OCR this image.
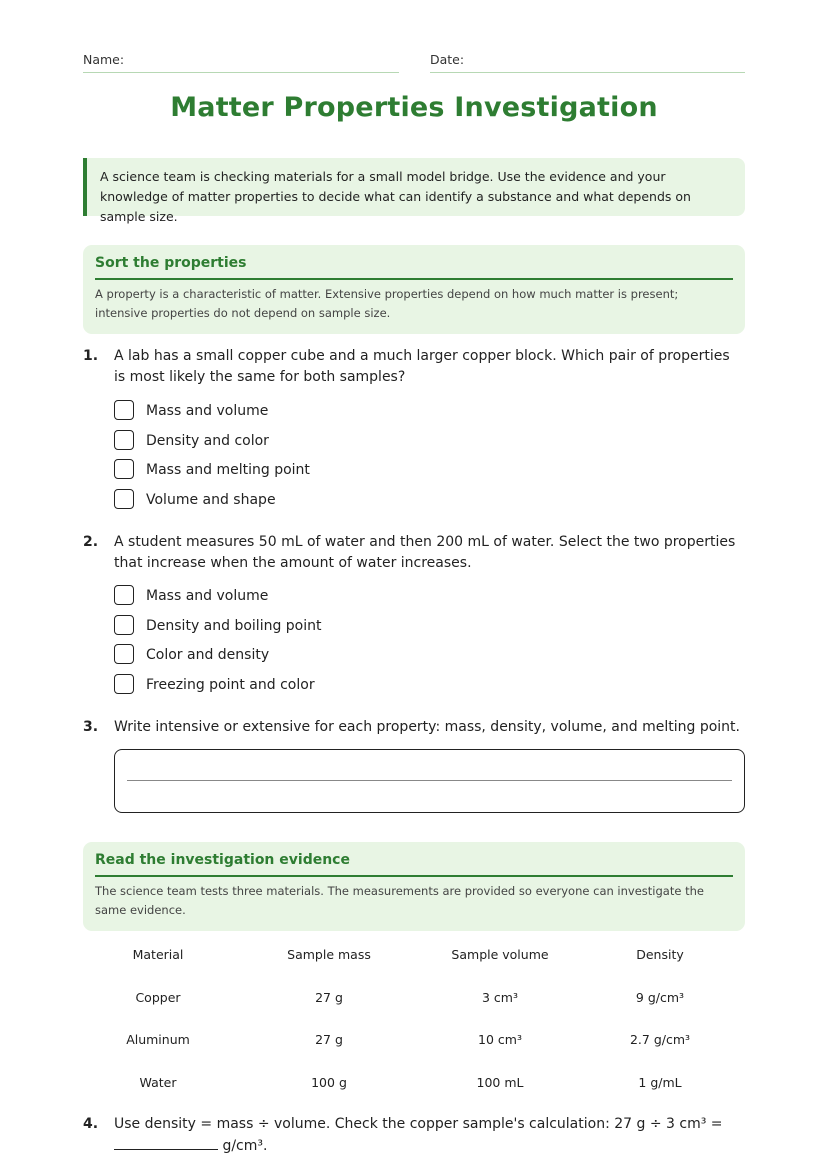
Name:	Date:
Matter Properties Investigation
A science team is checking materials for a small model bridge. Use the evidence and your knowledge of matter properties to decide what can identify a substance and what depends on sample size.
Sort the properties
A property is a characteristic of matter. Extensive properties depend on how much matter is present; intensive properties do not depend on sample size.
1. A lab has a small copper cube and a much larger copper block. Which pair of properties is most likely the same for both samples?
Mass and volume
Density and color
Mass and melting point
Volume and shape
2. A student measures 50 mL of water and then 200 mL of water. Select the two properties that increase when the amount of water increases.
Mass and volume
Density and boiling point
Color and density
Freezing point and color
3. Write intensive or extensive for each property: mass, density, volume, and melting point.
Read the investigation evidence
The science team tests three materials. The measurements are provided so everyone can investigate the same evidence.
Material	Sample mass	Sample volume	Density
Copper	27 g	3 cm³	9 g/cm³
Aluminum	27 g	10 cm³	2.7 g/cm³
Water	100 g	100 mL	1 g/mL
4. Use density = mass ÷ volume. Check the copper sample's calculation: 27 g ÷ 3 cm³ =
g/cm³.
